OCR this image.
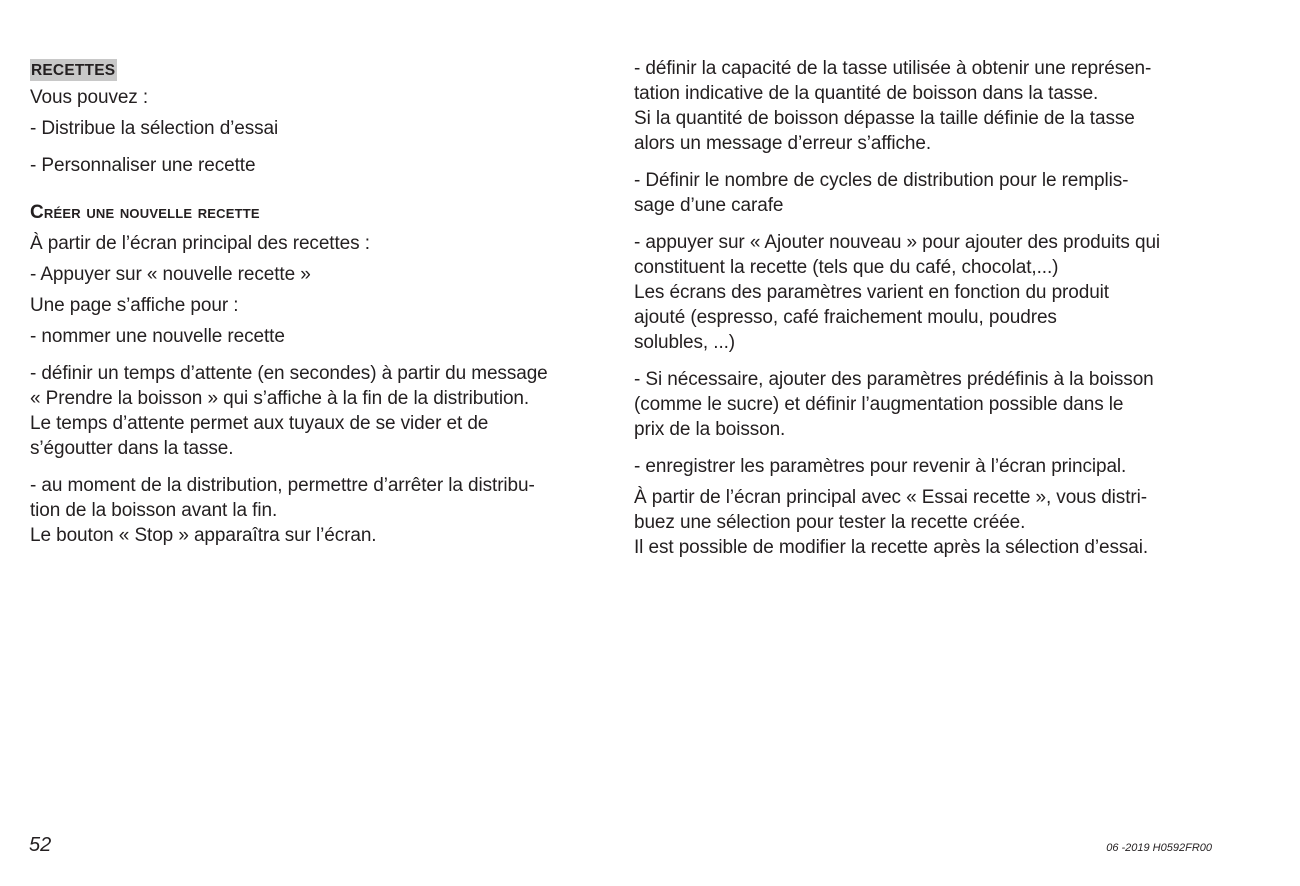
RECETTES

Vous pouvez :

- Distribue la sélection d’essai

- Personnaliser une recette

Créer une nouvelle recette

À partir de l’écran principal des recettes :

- Appuyer sur « nouvelle recette »

Une page s’affiche pour :

- nommer une nouvelle recette
- définir un temps d’attente (en secondes) à partir du message
« Prendre la boisson » qui s’affiche à la fin de la distribution.
Le temps d’attente permet aux tuyaux de se vider et de
s’égoutter dans la tasse.
- au moment de la distribution, permettre d’arrêter la distribu-
tion de la boisson avant la fin.
Le bouton « Stop » apparaîtra sur l’écran.
- définir la capacité de la tasse utilisée à obtenir une représen-
tation indicative de la quantité de boisson dans la tasse.
Si la quantité de boisson dépasse la taille définie de la tasse
alors un message d’erreur s’affiche.
- Définir le nombre de cycles de distribution pour le remplis-
sage d’une carafe
- appuyer sur « Ajouter nouveau » pour ajouter des produits qui
constituent la recette (tels que du café, chocolat,...)
Les écrans des paramètres varient en fonction du produit
ajouté (espresso, café fraichement moulu, poudres
solubles, ...)
- Si nécessaire, ajouter des paramètres prédéfinis à la boisson
(comme le sucre) et définir l’augmentation possible dans le
prix de la boisson.
- enregistrer les paramètres pour revenir à l’écran principal.
À partir de l’écran principal avec « Essai recette », vous distri-
buez une sélection pour tester la recette créée.
Il est possible de modifier la recette après la sélection d’essai.
52	06 -2019 H0592FR00
